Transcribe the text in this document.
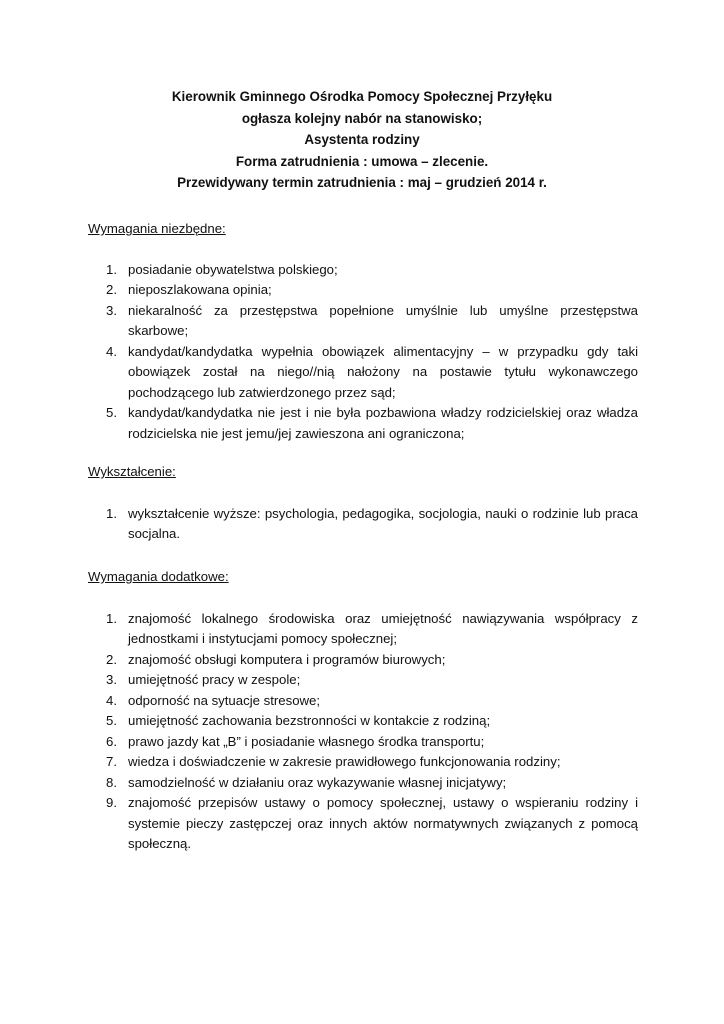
Kierownik Gminnego Ośrodka Pomocy Społecznej Przyłęku
ogłasza kolejny nabór na stanowisko;
Asystenta rodziny
Forma zatrudnienia : umowa – zlecenie.
Przewidywany termin zatrudnienia : maj – grudzień 2014 r.
Wymagania niezbędne:
1. posiadanie obywatelstwa polskiego;
2. nieposzlakowana opinia;
3. niekaralność za przestępstwa popełnione umyślnie lub umyślne przestępstwa skarbowe;
4. kandydat/kandydatka wypełnia obowiązek alimentacyjny – w przypadku gdy taki obowiązek został na niego//nią nałożony na postawie tytułu wykonawczego pochodzącego lub zatwierdzonego przez sąd;
5. kandydat/kandydatka nie jest i nie była pozbawiona władzy rodzicielskiej oraz władza rodzicielska nie jest jemu/jej zawieszona ani ograniczona;
Wykształcenie:
1. wykształcenie wyższe: psychologia, pedagogika, socjologia, nauki o rodzinie lub praca socjalna.
Wymagania dodatkowe:
1. znajomość lokalnego środowiska oraz umiejętność nawiązywania współpracy z jednostkami i instytucjami pomocy społecznej;
2. znajomość obsługi komputera i programów biurowych;
3. umiejętność pracy w zespole;
4. odporność na sytuacje stresowe;
5. umiejętność zachowania bezstronności w kontakcie z rodziną;
6. prawo jazdy kat „B” i posiadanie własnego środka transportu;
7. wiedza i doświadczenie w zakresie prawidłowego funkcjonowania rodziny;
8. samodzielność w działaniu oraz wykazywanie własnej inicjatywy;
9. znajomość przepisów ustawy o pomocy społecznej, ustawy o wspieraniu rodziny i systemie pieczy zastępczej oraz innych aktów normatywnych związanych z pomocą społeczną.
